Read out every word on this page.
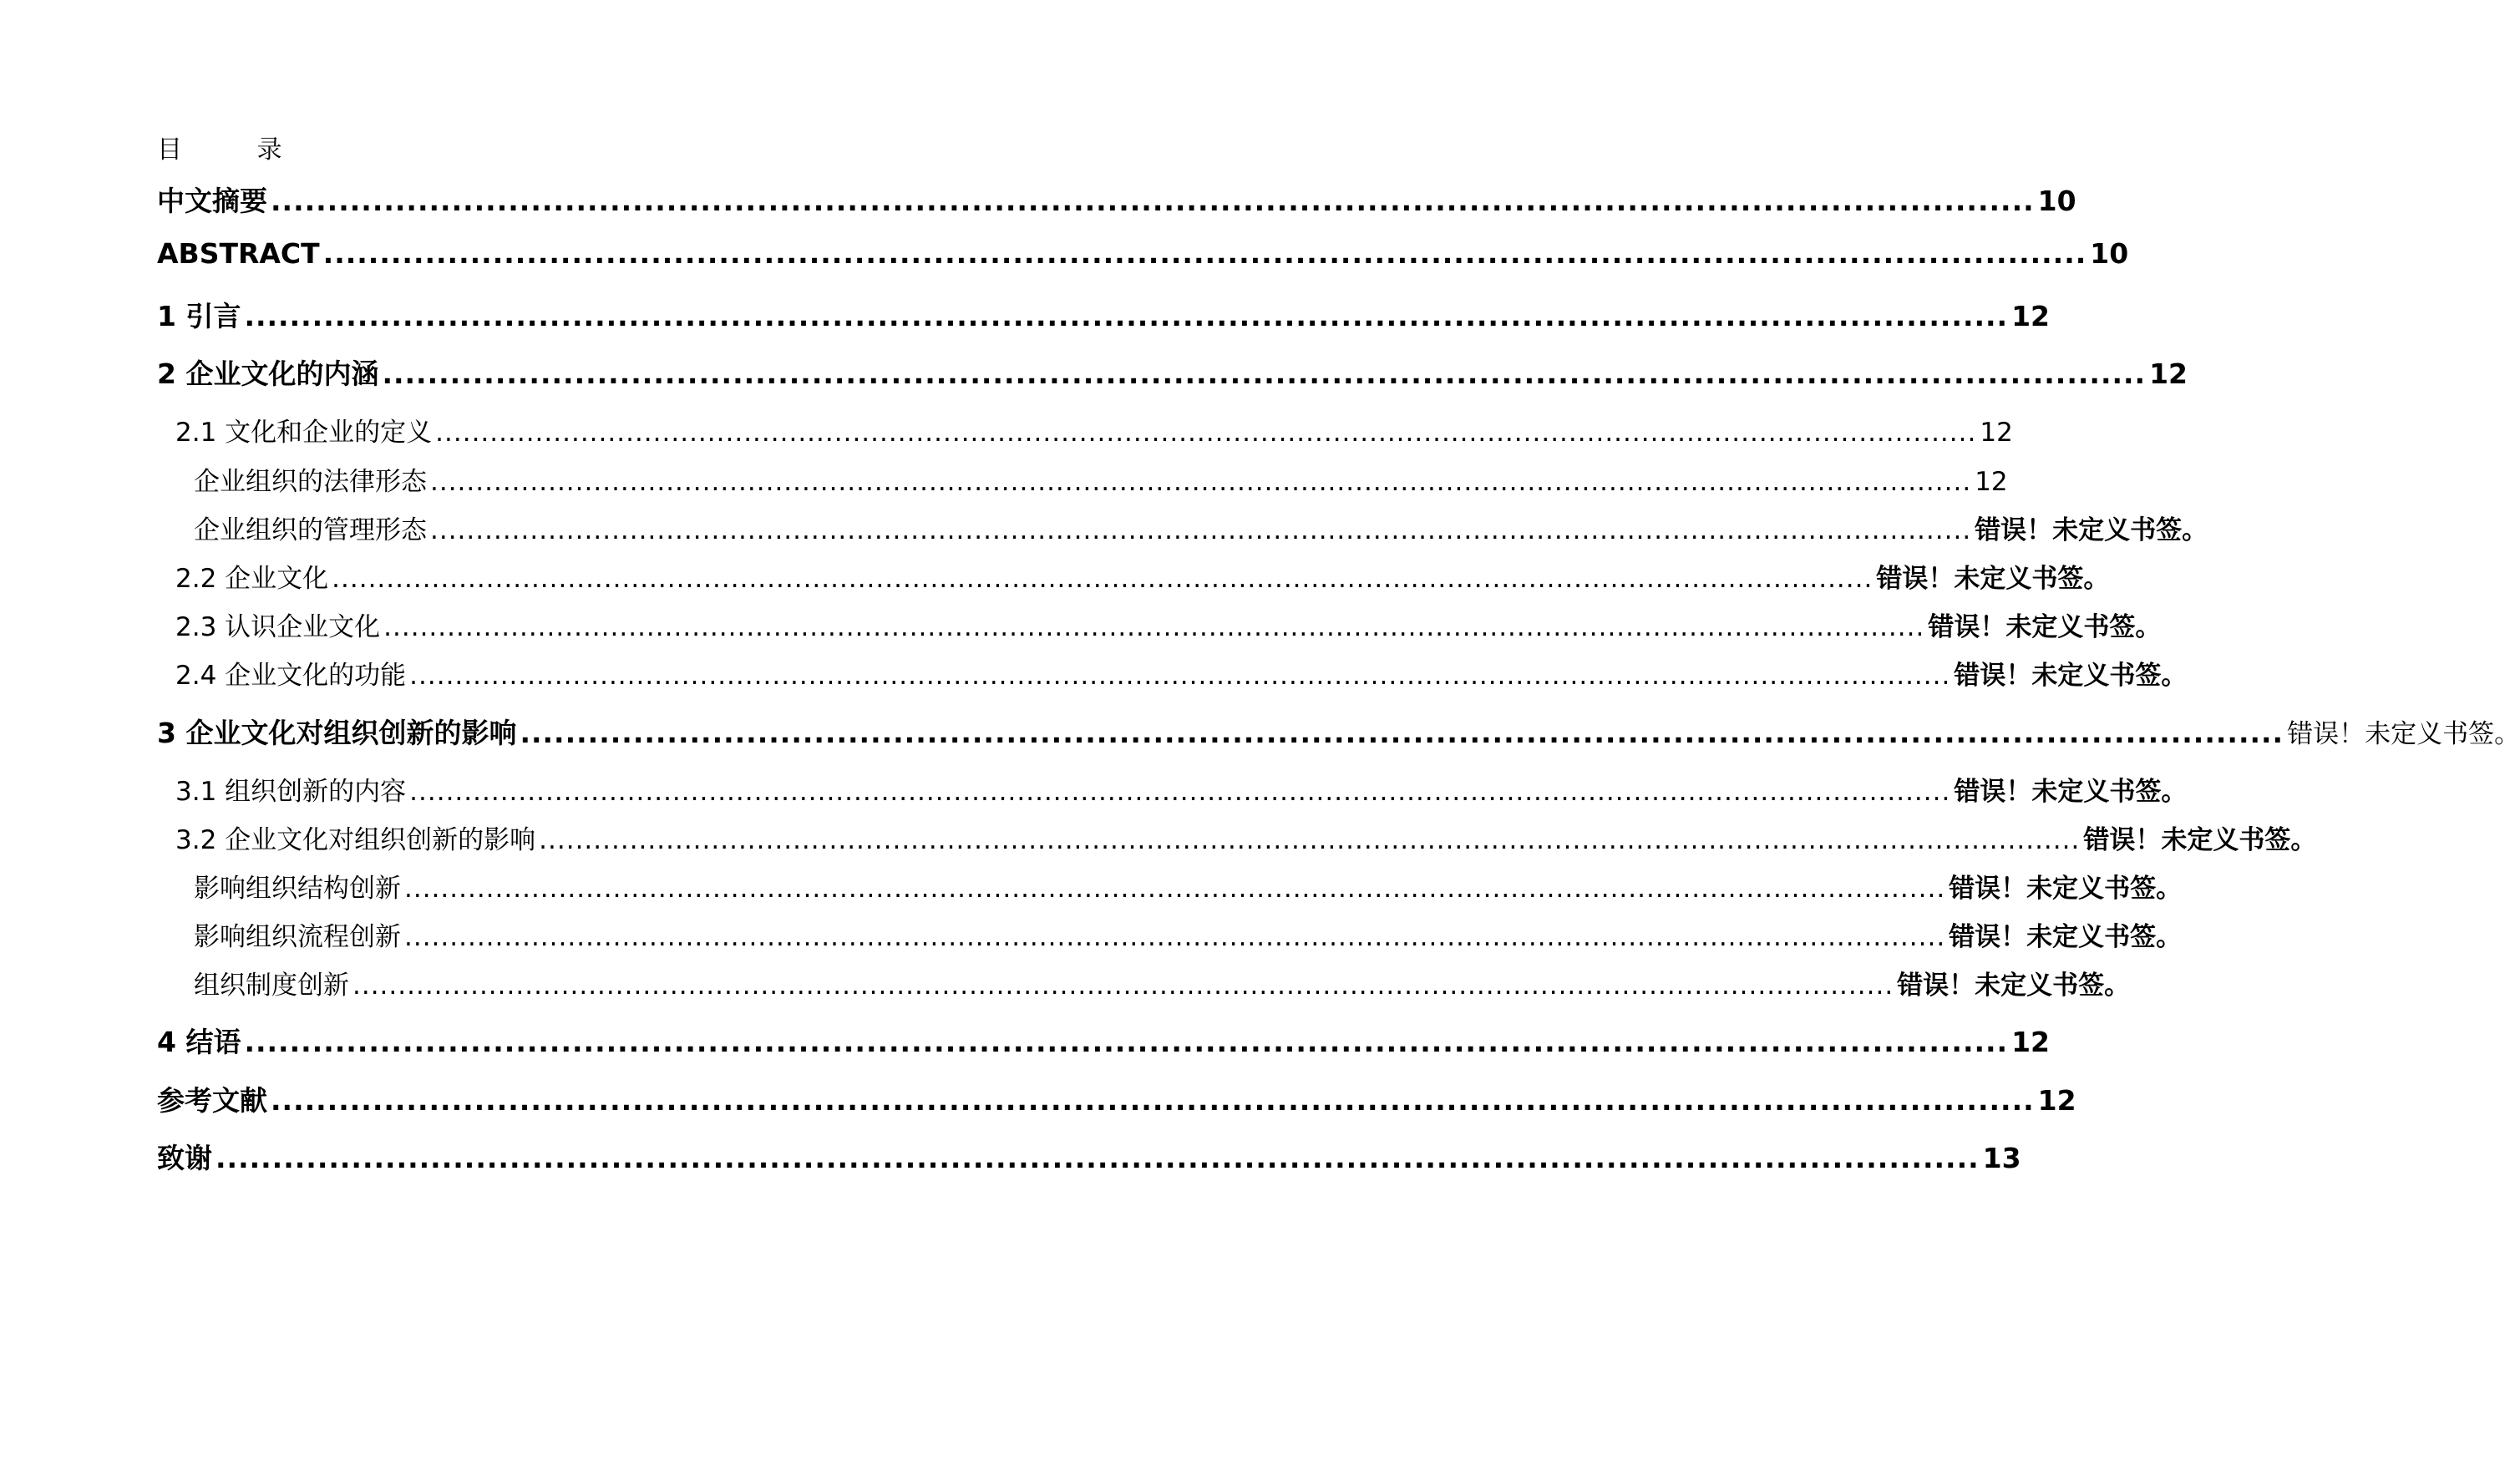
目 录
中文摘要 ............................................................................................................................................................ 10
ABSTRACT ............................................................................................................................................................ 10
1 引言 ............................................................................................................................................................ 12
2 企业文化的内涵 ............................................................................................................................................................ 12
2.1 文化和企业的定义 .......................................................................................................................................................................... 12
企业组织的法律形态 .......................................................................................................................................................................... 12
企业组织的管理形态 .......................................................................................................................................................................... 错误！未定义书签。
2.2 企业文化 .......................................................................................................................................................................... 错误！未定义书签。
2.3 认识企业文化 .......................................................................................................................................................................... 错误！未定义书签。
2.4 企业文化的功能 .......................................................................................................................................................................... 错误！未定义书签。
3 企业文化对组织创新的影响 ............................................................................................................................................................ 错误！未定义书签。
3.1 组织创新的内容 .......................................................................................................................................................................... 错误！未定义书签。
3.2 企业文化对组织创新的影响 .......................................................................................................................................................................... 错误！未定义书签。
影响组织结构创新 .......................................................................................................................................................................... 错误！未定义书签。
影响组织流程创新 .......................................................................................................................................................................... 错误！未定义书签。
组织制度创新 .......................................................................................................................................................................... 错误！未定义书签。
4 结语 ............................................................................................................................................................ 12
参考文献 ............................................................................................................................................................ 12
致谢 ............................................................................................................................................................ 13
